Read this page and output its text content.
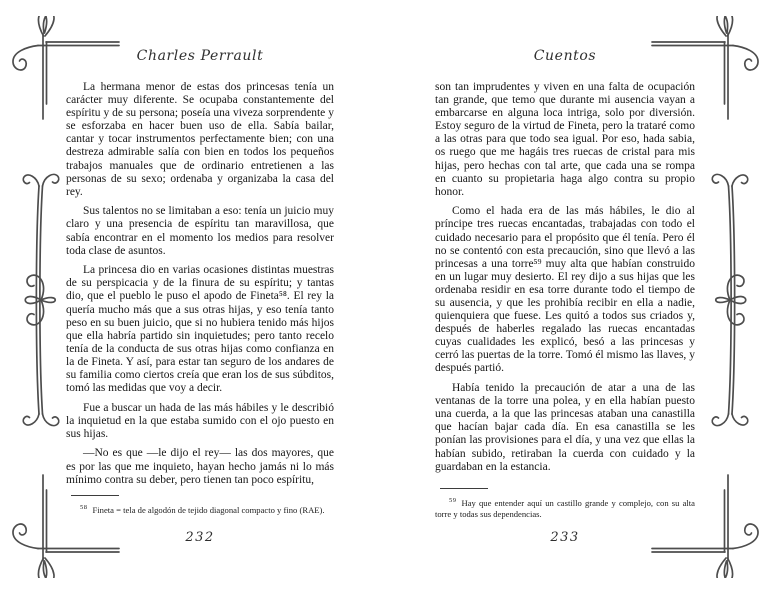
Charles Perrault

La hermana menor de estas dos princesas tenía un carácter muy diferente. Se ocupaba constantemente del espíritu y de su persona; poseía una viveza sorprendente y se esforzaba en hacer buen uso de ella. Sabía bailar, cantar y tocar instrumentos perfectamente bien; con una destreza admirable salía con bien en todos los pequeños trabajos manuales que de ordinario entretienen a las personas de su sexo; ordenaba y organizaba la casa del rey.

Sus talentos no se limitaban a eso: tenía un juicio muy claro y una presencia de espíritu tan maravillosa, que sabía encontrar en el momento los medios para resolver toda clase de asuntos.

La princesa dio en varias ocasiones distintas muestras de su perspicacia y de la finura de su espíritu; y tantas dio, que el pueblo le puso el apodo de Fineta⁵⁸. El rey la quería mucho más que a sus otras hijas, y eso tenía tanto peso en su buen juicio, que si no hubiera tenido más hijos que ella habría partido sin inquietudes; pero tanto recelo tenía de la conducta de sus otras hijas como confianza en la de Fineta. Y así, para estar tan seguro de los andares de su familia como ciertos creía que eran los de sus súbditos, tomó las medidas que voy a decir.

Fue a buscar un hada de las más hábiles y le describió la inquietud en la que estaba sumido con el ojo puesto en sus hijas.

—No es que —le dijo el rey— las dos mayores, que es por las que me inquieto, hayan hecho jamás ni lo más mínimo contra su deber, pero tienen tan poco espíritu,

$^{58}$ Fineta = tela de algodón de tejido diagonal compacto y fino (RAE).
232
Cuentos

son tan imprudentes y viven en una falta de ocupación tan grande, que temo que durante mi ausencia vayan a embarcarse en alguna loca intriga, solo por diversión. Estoy seguro de la virtud de Fineta, pero la trataré como a las otras para que todo sea igual. Por eso, hada sabia, os ruego que me hagáis tres ruecas de cristal para mis hijas, pero hechas con tal arte, que cada una se rompa en cuanto su propietaria haga algo contra su propio honor.

Como el hada era de las más hábiles, le dio al príncipe tres ruecas encantadas, trabajadas con todo el cuidado necesario para el propósito que él tenía. Pero él no se contentó con esta precaución, sino que llevó a las princesas a una torre⁵⁹ muy alta que habían construido en un lugar muy desierto. El rey dijo a sus hijas que les ordenaba residir en esa torre durante todo el tiempo de su ausencia, y que les prohibía recibir en ella a nadie, quienquiera que fuese. Les quitó a todos sus criados y, después de haberles regalado las ruecas encantadas cuyas cualidades les explicó, besó a las princesas y cerró las puertas de la torre. Tomó él mismo las llaves, y después partió.

Había tenido la precaución de atar a una de las ventanas de la torre una polea, y en ella habían puesto una cuerda, a la que las princesas ataban una canastilla que hacían bajar cada día. En esa canastilla se les ponían las provisiones para el día, y una vez que ellas la habían subido, retiraban la cuerda con cuidado y la guardaban en la estancia.

$^{59}$ Hay que entender aquí un castillo grande y complejo, con su alta torre y todas sus dependencias.
233
